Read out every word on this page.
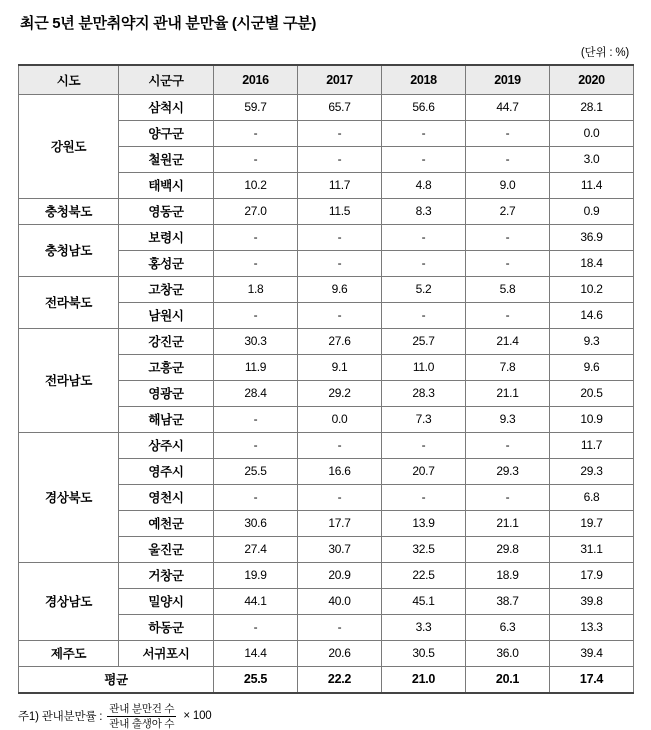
최근 5년 분만취약지 관내 분만율 (시군별 구분)
(단위 : %)
시도	시군구	2016	2017	2018	2019	2020
강원도	삼척시	59.7	65.7	56.6	44.7	28.1
	양구군	-	-	-	-	0.0
	철원군	-	-	-	-	3.0
	태백시	10.2	11.7	4.8	9.0	11.4
충청북도	영동군	27.0	11.5	8.3	2.7	0.9
충청남도	보령시	-	-	-	-	36.9
	홍성군	-	-	-	-	18.4
전라북도	고창군	1.8	9.6	5.2	5.8	10.2
	남원시	-	-	-	-	14.6
전라남도	강진군	30.3	27.6	25.7	21.4	9.3
	고흥군	11.9	9.1	11.0	7.8	9.6
	영광군	28.4	29.2	28.3	21.1	20.5
	해남군	-	0.0	7.3	9.3	10.9
경상북도	상주시	-	-	-	-	11.7
	영주시	25.5	16.6	20.7	29.3	29.3
	영천시	-	-	-	-	6.8
	예천군	30.6	17.7	13.9	21.1	19.7
	울진군	27.4	30.7	32.5	29.8	31.1
경상남도	거창군	19.9	20.9	22.5	18.9	17.9
	밀양시	44.1	40.0	45.1	38.7	39.8
	하동군	-	-	3.3	6.3	13.3
제주도	서귀포시	14.4	20.6	30.5	36.0	39.4
평균		25.5	22.2	21.0	20.1	17.4
주1) 관내분만률 : $\frac{\text{관내 분만건 수}}{\text{관내 출생아 수}} \times 100$
